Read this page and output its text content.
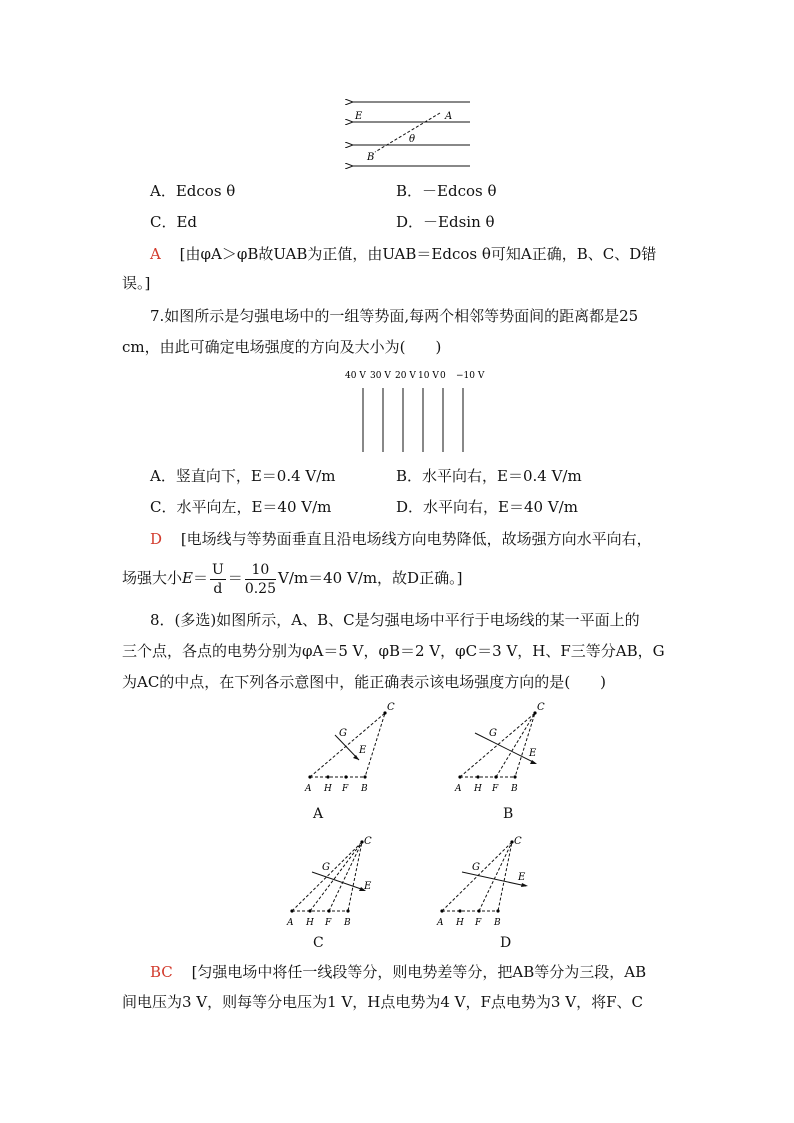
E	A
B
θ
A．Edcos θ	B．－Edcos θ
C．Ed	D．－Edsin θ
A [由φA＞φB故UAB为正值，由UAB＝Edcos θ可知A正确，B、C、D错
误。]
7.如图所示是匀强电场中的一组等势面,每两个相邻等势面间的距离都是25
cm，由此可确定电场强度的方向及大小为(　　)
40 V 30 V 20 V 10 V 0 −10 V
A．竖直向下，E＝0.4 V/m	B．水平向右，E＝0.4 V/m
C．水平向左，E＝40 V/m	D．水平向右，E＝40 V/m
D [电场线与等势面垂直且沿电场线方向电势降低，故场强方向水平向右，
场强大小$E= \frac{U}{d} = \frac{10}{0.25} V/m=40$ V/m，故D正确。]
8．(多选)如图所示，A、B、C是匀强电场中平行于电场线的某一平面上的
三个点，各点的电势分别为φA＝5 V，φB＝2 V，φC＝3 V，H、F三等分AB，G
为AC的中点，在下列各示意图中，能正确表示该电场强度方向的是(　　)
C
G
E
A H F B
A
C
G
E
A H F B
B
C
G
E
A H F B
C
C
G
E
A H F B
D
BC [匀强电场中将任一线段等分，则电势差等分，把AB等分为三段，AB
间电压为3 V，则每等分电压为1 V，H点电势为4 V，F点电势为3 V，将F、C
